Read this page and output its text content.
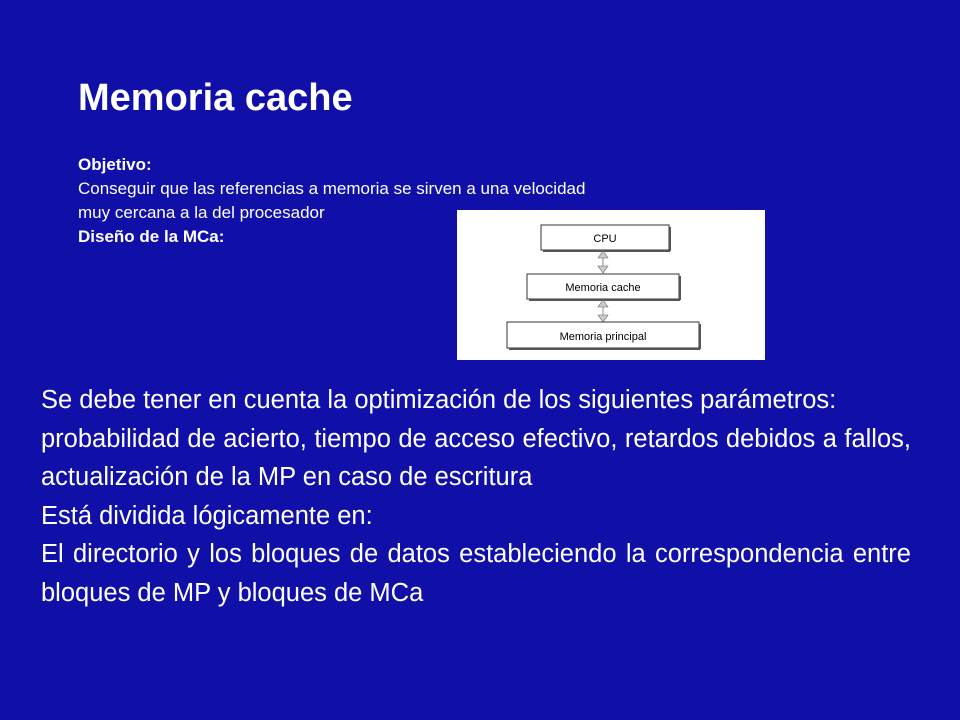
Memoria cache
Objetivo:
Conseguir que las referencias a memoria se sirven a una velocidad
muy cercana a la del procesador
Diseño de la MCa:	CPU
Memoria cache
Memoria principal

Se debe tener en cuenta la optimización de los siguientes parámetros:

probabilidad de acierto, tiempo de acceso efectivo, retardos debidos a fallos, actualización de la MP en caso de escritura

Está dividida lógicamente en:

El directorio y los bloques de datos estableciendo la correspondencia entre bloques de MP y bloques de MCa
